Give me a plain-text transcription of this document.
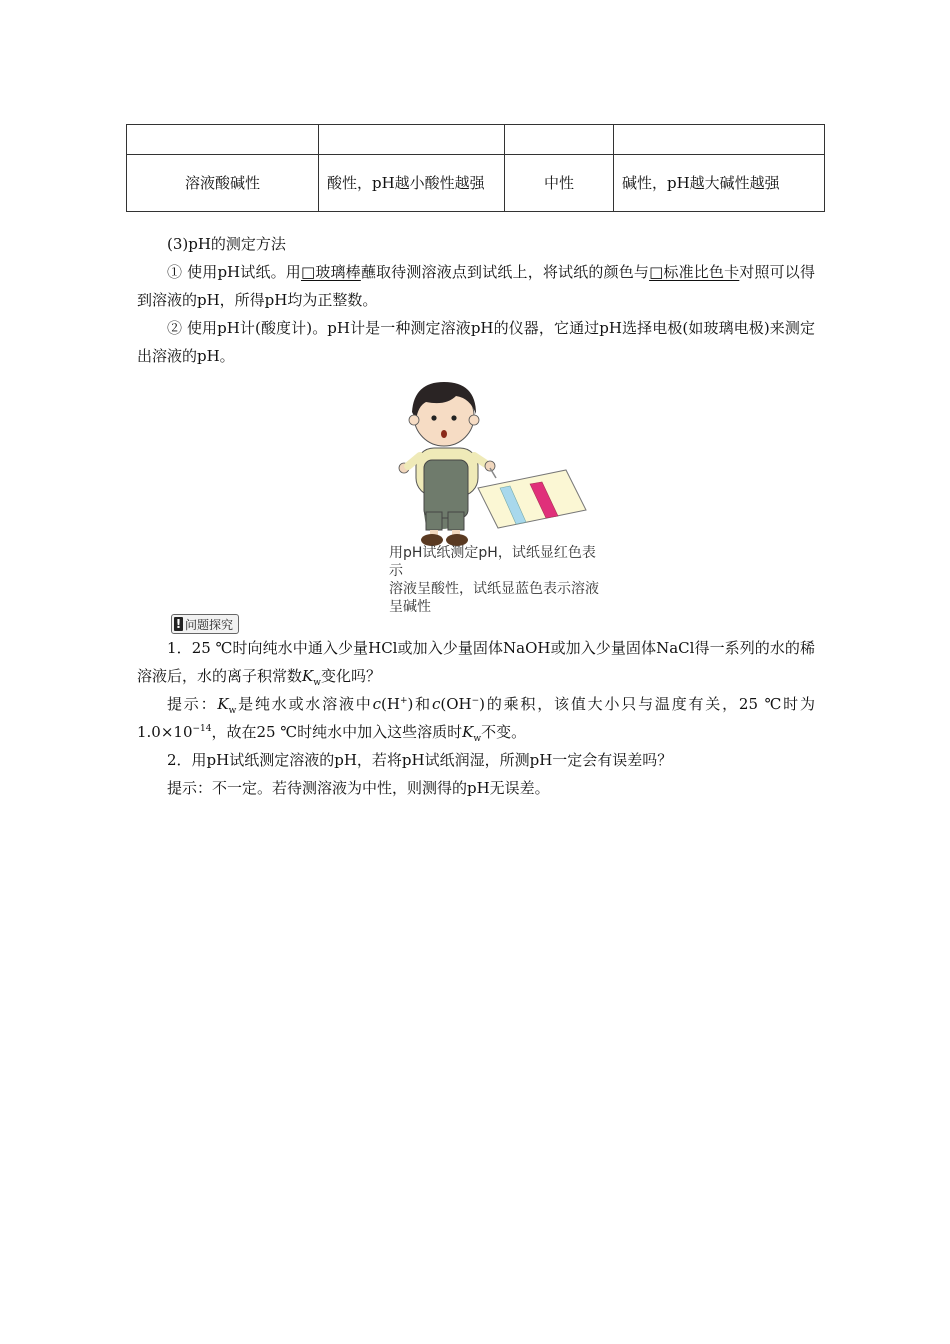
溶液酸碱性	酸性，pH越小酸性越强	中性	碱性，pH越大碱性越强

(3)pH的测定方法

① 使用pH试纸。用□玻璃棒蘸取待测溶液点到试纸上，将试纸的颜色与□标准比色卡对照可以得到溶液的pH，所得pH均为正整数。

② 使用pH计(酸度计)。pH计是一种测定溶液pH的仪器，它通过pH选择电极(如玻璃电极)来测定出溶液的pH。

用pH试纸测定pH，试纸显红色表示
溶液呈酸性，试纸显蓝色表示溶液
呈碱性
! 问题探究

1．25 ℃时向纯水中通入少量HCl或加入少量固体NaOH或加入少量固体NaCl得一系列的水的稀溶液后，水的离子积常数$K_w$变化吗？

提示：$K_w$是纯水或水溶液中c(H+)和c(OH−)的乘积，该值大小只与温度有关，25 ℃时为$1.0\times 10^{-14}$，故在25 ℃时纯水中加入这些溶质时$K_w$不变。

2．用pH试纸测定溶液的pH，若将pH试纸润湿，所测pH一定会有误差吗？

提示：不一定。若待测溶液为中性，则测得的pH无误差。
